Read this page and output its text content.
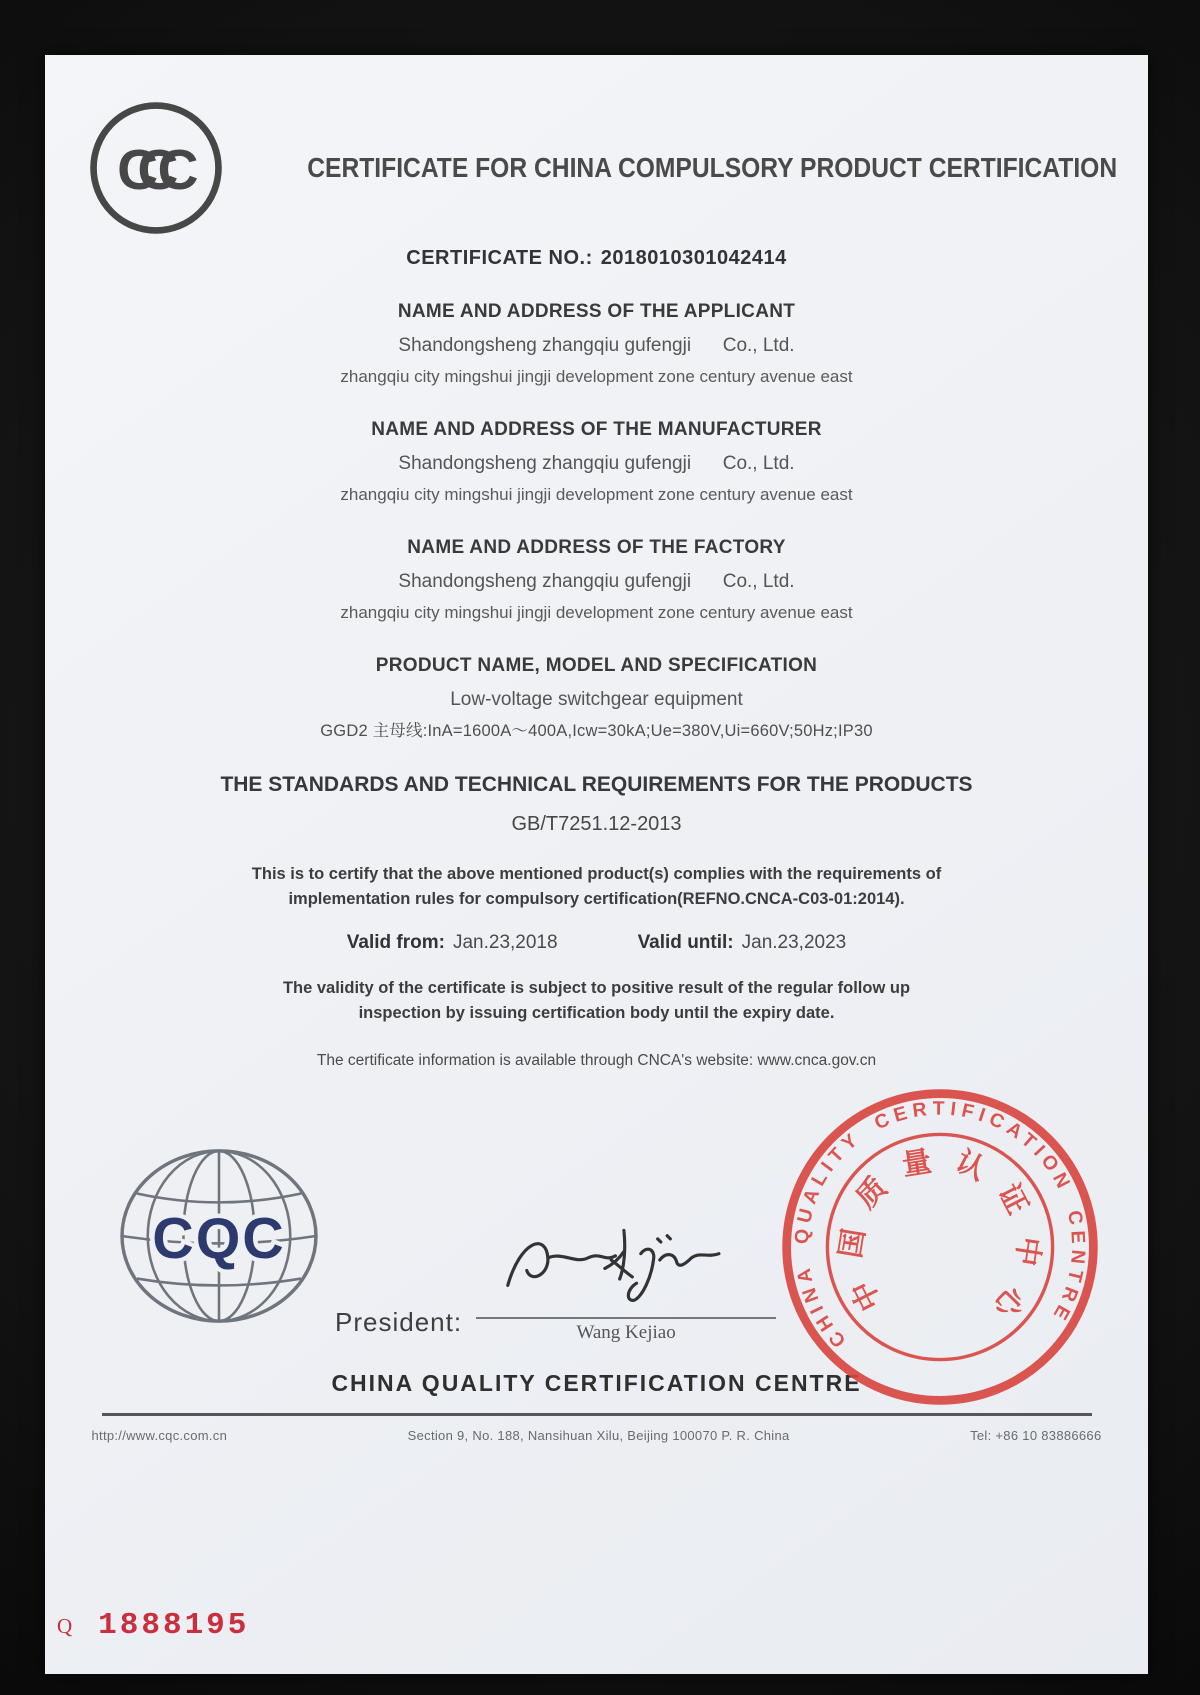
CCC	CERTIFICATE FOR CHINA COMPULSORY PRODUCT CERTIFICATION
CERTIFICATE NO.: 2018010301042414
NAME AND ADDRESS OF THE APPLICANT
Shandongsheng zhangqiu gufengji      Co., Ltd.
zhangqiu city mingshui jingji development zone century avenue east
NAME AND ADDRESS OF THE MANUFACTURER
Shandongsheng zhangqiu gufengji      Co., Ltd.
zhangqiu city mingshui jingji development zone century avenue east
NAME AND ADDRESS OF THE FACTORY
Shandongsheng zhangqiu gufengji      Co., Ltd.
zhangqiu city mingshui jingji development zone century avenue east
PRODUCT NAME, MODEL AND SPECIFICATION
Low-voltage switchgear equipment
GGD2 主母线:InA=1600A～400A,Icw=30kA;Ue=380V,Ui=660V;50Hz;IP30
THE STANDARDS AND TECHNICAL REQUIREMENTS FOR THE PRODUCTS
GB/T7251.12-2013
This is to certify that the above mentioned product(s) complies with the requirements of
implementation rules for compulsory certification(REFNO.CNCA-C03-01:2014).
Valid from: Jan.23,2018	Valid until: Jan.23,2023
The validity of the certificate is subject to positive result of the regular follow up
inspection by issuing certification body until the expiry date.
The certificate information is available through CNCA's website: www.cnca.gov.cn
CQC
President:	Wang Kejiao	CHINA QUALITY CERTIFICATION CENTRE
中国质量认证中心
CHINA QUALITY CERTIFICATION CENTRE
http://www.cqc.com.cn	Section 9, No. 188, Nansihuan Xilu, Beijing 100070 P. R. China	Tel: +86 10 83886666
Q 1888195
